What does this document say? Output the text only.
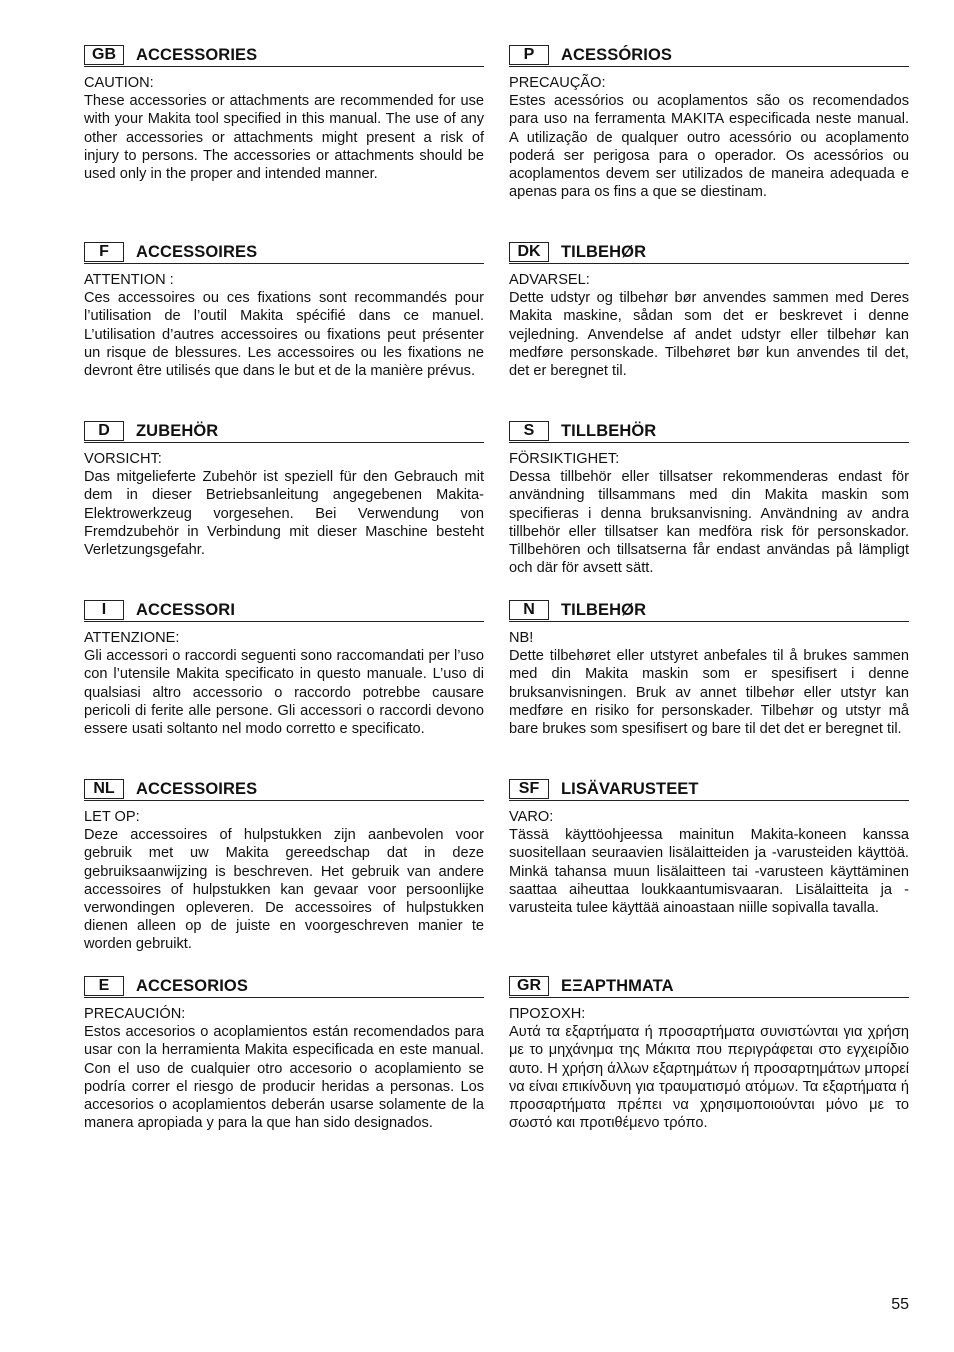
GB	ACCESSORIES
CAUTION:
These accessories or attachments are recommended for use with your Makita tool specified in this manual. The use of any other accessories or attachments might present a risk of injury to persons. The accessories or attachments should be used only in the proper and intended manner.
F	ACCESSOIRES
ATTENTION :
Ces accessoires ou ces fixations sont recommandés pour l’utilisation de l’outil Makita spécifié dans ce manuel. L’utilisation d’autres accessoires ou fixations peut présenter un risque de blessures. Les accessoires ou les fixations ne devront être utilisés que dans le but et de la manière prévus.
D	ZUBEHÖR
VORSICHT:
Das mitgelieferte Zubehör ist speziell für den Gebrauch mit dem in dieser Betriebsanleitung angegebenen Makita-Elektrowerkzeug vorgesehen. Bei Verwendung von Fremdzubehör in Verbindung mit dieser Maschine besteht Verletzungsgefahr.
I	ACCESSORI
ATTENZIONE:
Gli accessori o raccordi seguenti sono raccomandati per l’uso con l’utensile Makita specificato in questo manuale. L’uso di qualsiasi altro accessorio o raccordo potrebbe causare pericoli di ferite alle persone. Gli accessori o raccordi devono essere usati soltanto nel modo corretto e specificato.
NL	ACCESSOIRES
LET OP:
Deze accessoires of hulpstukken zijn aanbevolen voor gebruik met uw Makita gereedschap dat in deze gebruiksaanwijzing is beschreven. Het gebruik van andere accessoires of hulpstukken kan gevaar voor persoonlijke verwondingen opleveren. De accessoires of hulpstukken dienen alleen op de juiste en voorgeschreven manier te worden gebruikt.
E	ACCESORIOS
PRECAUCIÓN:
Estos accesorios o acoplamientos están recomendados para usar con la herramienta Makita especificada en este manual. Con el uso de cualquier otro accesorio o acoplamiento se podría correr el riesgo de producir heridas a personas. Los accesorios o acoplamientos deberán usarse solamente de la manera apropiada y para la que han sido designados.
P	ACESSÓRIOS
PRECAUÇÃO:
Estes acessórios ou acoplamentos são os recomendados para uso na ferramenta MAKITA especificada neste manual. A utilização de qualquer outro acessório ou acoplamento poderá ser perigosa para o operador. Os acessórios ou acoplamentos devem ser utilizados de maneira adequada e apenas para os fins a que se diestinam.
DK	TILBEHØR
ADVARSEL:
Dette udstyr og tilbehør bør anvendes sammen med Deres Makita maskine, sådan som det er beskrevet i denne vejledning. Anvendelse af andet udstyr eller tilbehør kan medføre personskade. Tilbehøret bør kun anvendes til det, det er beregnet til.
S	TILLBEHÖR
FÖRSIKTIGHET:
Dessa tillbehör eller tillsatser rekommenderas endast för användning tillsammans med din Makita maskin som specifieras i denna bruksanvisning. Användning av andra tillbehör eller tillsatser kan medföra risk för personskador. Tillbehören och tillsatserna får endast användas på lämpligt och där för avsett sätt.
N	TILBEHØR
NB!
Dette tilbehøret eller utstyret anbefales til å brukes sammen med din Makita maskin som er spesifisert i denne bruksanvisningen. Bruk av annet tilbehør eller utstyr kan medføre en risiko for personskader. Tilbehør og utstyr må bare brukes som spesifisert og bare til det det er beregnet til.
SF	LISÄVARUSTEET
VARO:
Tässä käyttöohjeessa mainitun Makita-koneen kanssa suositellaan seuraavien lisälaitteiden ja -varusteiden käyttöä. Minkä tahansa muun lisälaitteen tai -varusteen käyttäminen saattaa aiheuttaa loukkaantumisvaaran. Lisälaitteita ja -varusteita tulee käyttää ainoastaan niille sopivalla tavalla.
GR	ΕΞΑΡΤΗΜΑΤΑ
ΠΡΟΣΟΧΗ:
Αυτά τα εξαρτήματα ή προσαρτήματα συνιστώνται για χρήση με το μηχάνημα της Μάκιτα που περιγράφεται στο εγχειρίδιο αυτο. Η χρήση άλλων εξαρτημάτων ή προσαρτημάτων μπορεί να είναι επικίνδυνη για τραυματισμό ατόμων. Τα εξαρτήματα ή προσαρτήματα πρέπει να χρησιμοποιούνται μόνο με το σωστό και προτιθέμενο τρόπο.
55
